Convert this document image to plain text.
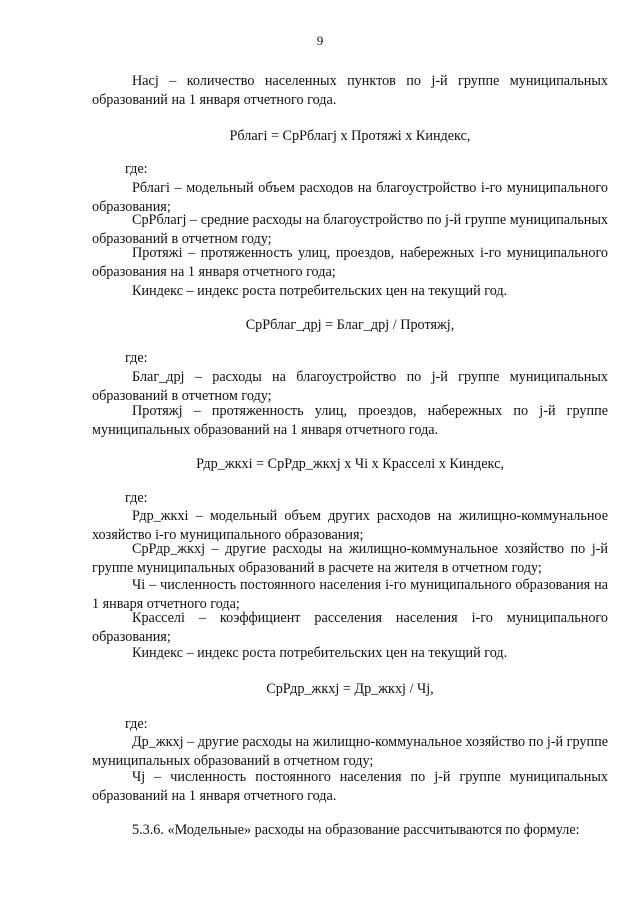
9
Насj – количество населенных пунктов по j-й группе муниципальных образований на 1 января отчетного года.
Рблагi = СрРблагj х Протяжi х Киндекс,
где:
Рблагi – модельный объем расходов на благоустройство i-го муниципального образования;
СрРблагj – средние расходы на благоустройство по j-й группе муниципальных образований в отчетном году;
Протяжi – протяженность улиц, проездов, набережных i-го муниципального образования на 1 января отчетного года;
Киндекс – индекс роста потребительских цен на текущий год.
СрРблаг_дрj = Благ_дрj / Протяжj,
где:
Благ_дрj – расходы на благоустройство по j-й группе муниципальных образований в отчетном году;
Протяжj – протяженность улиц, проездов, набережных по j-й группе муниципальных образований на 1 января отчетного года.
Рдр_жкхi = СрРдр_жкхj х Чi х Кpасселi х Киндекс,
где:
Рдр_жкхi – модельный объем других расходов на жилищно-коммунальное хозяйство i-го муниципального образования;
СрРдр_жкхj – другие расходы на жилищно-коммунальное хозяйство по j-й группе муниципальных образований в расчете на жителя в отчетном году;
Чi – численность постоянного населения i-го муниципального образования на 1 января отчетного года;
Красселi – коэффициент расселения населения i-го муниципального образования;
Киндекс – индекс роста потребительских цен на текущий год.
СрРдр_жкхj = Др_жкхj / Чj,
где:
Др_жкхj – другие расходы на жилищно-коммунальное хозяйство по j-й группе муниципальных образований в отчетном году;
Чj – численность постоянного населения по j-й группе муниципальных образований на 1 января отчетного года.
5.3.6. «Модельные» расходы на образование рассчитываются по формуле:
